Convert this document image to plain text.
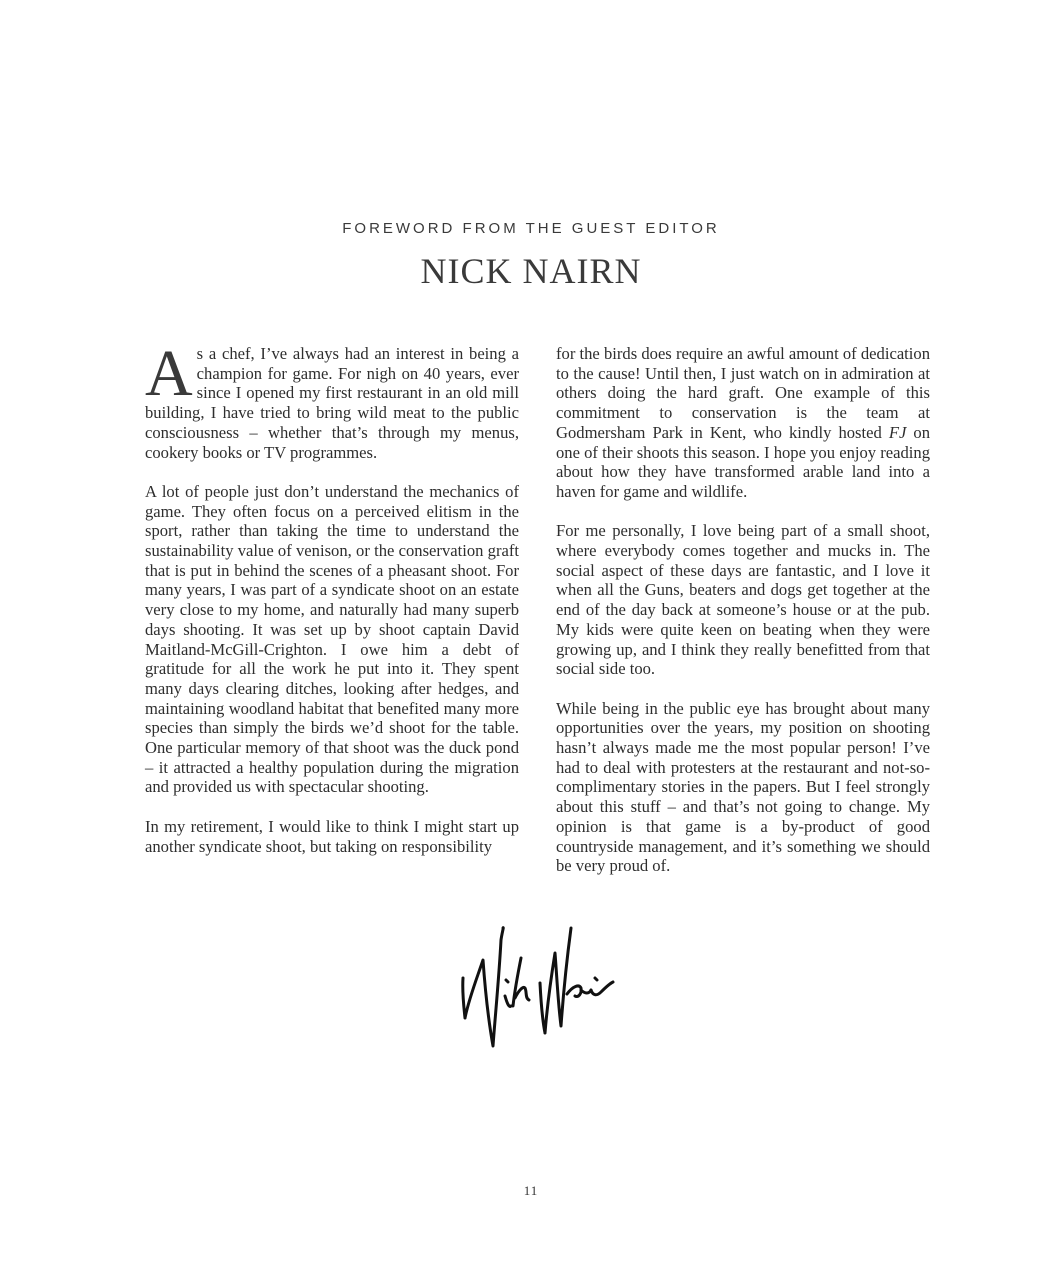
FOREWORD FROM THE GUEST EDITOR
NICK NAIRN

As a chef, I’ve always had an interest in being a champion for game. For nigh on 40 years, ever since I opened my first restaurant in an old mill building, I have tried to bring wild meat to the public consciousness – whether that’s through my menus, cookery books or TV programmes.

A lot of people just don’t understand the mechanics of game. They often focus on a perceived elitism in the sport, rather than taking the time to understand the sustainability value of venison, or the conservation graft that is put in behind the scenes of a pheasant shoot. For many years, I was part of a syndicate shoot on an estate very close to my home, and naturally had many superb days shooting. It was set up by shoot captain David Maitland-McGill-Crighton. I owe him a debt of gratitude for all the work he put into it. They spent many days clearing ditches, looking after hedges, and maintaining woodland habitat that benefited many more species than simply the birds we’d shoot for the table. One particular memory of that shoot was the duck pond – it attracted a healthy population during the migration and provided us with spectacular shooting.

In my retirement, I would like to think I might start up another syndicate shoot, but taking on responsibility

for the birds does require an awful amount of dedication to the cause! Until then, I just watch on in admiration at others doing the hard graft. One example of this commitment to conservation is the team at Godmersham Park in Kent, who kindly hosted FJ on one of their shoots this season. I hope you enjoy reading about how they have transformed arable land into a haven for game and wildlife.

For me personally, I love being part of a small shoot, where everybody comes together and mucks in. The social aspect of these days are fantastic, and I love it when all the Guns, beaters and dogs get together at the end of the day back at someone’s house or at the pub. My kids were quite keen on beating when they were growing up, and I think they really benefitted from that social side too.

While being in the public eye has brought about many opportunities over the years, my position on shooting hasn’t always made me the most popular person! I’ve had to deal with protesters at the restaurant and not-so-complimentary stories in the papers. But I feel strongly about this stuff – and that’s not going to change. My opinion is that game is a by-product of good countryside management, and it’s something we should be very proud of.

11
